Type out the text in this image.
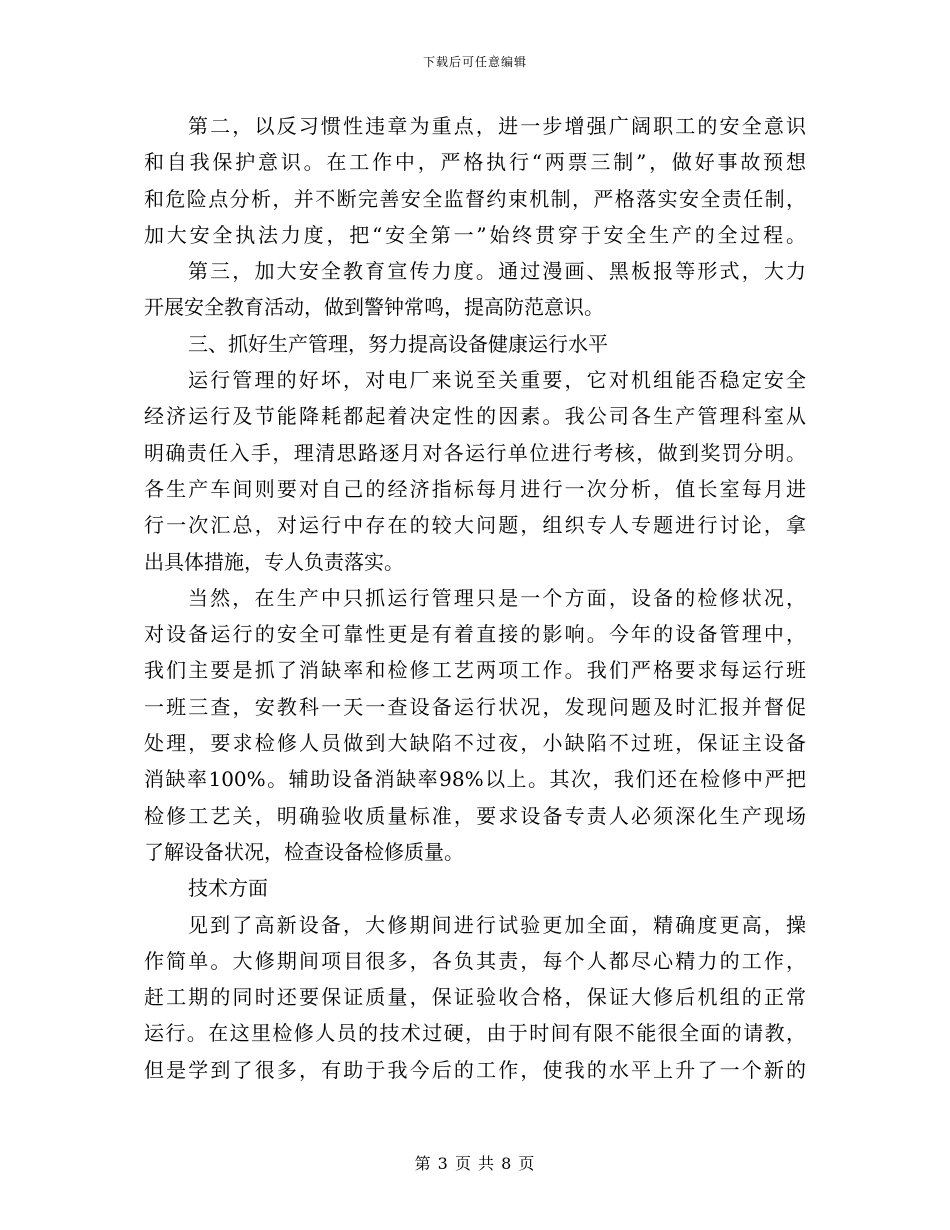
下载后可任意编辑
第二，以反习惯性违章为重点，进一步增强广阔职工的安全意识
和自我保护意识。在工作中，严格执行“两票三制”，做好事故预想
和危险点分析，并不断完善安全监督约束机制，严格落实安全责任制，
加大安全执法力度，把“安全第一”始终贯穿于安全生产的全过程。
第三，加大安全教育宣传力度。通过漫画、黑板报等形式，大力
开展安全教育活动，做到警钟常鸣，提高防范意识。
三、抓好生产管理，努力提高设备健康运行水平
运行管理的好坏，对电厂来说至关重要，它对机组能否稳定安全
经济运行及节能降耗都起着决定性的因素。我公司各生产管理科室从
明确责任入手，理清思路逐月对各运行单位进行考核，做到奖罚分明。
各生产车间则要对自己的经济指标每月进行一次分析，值长室每月进
行一次汇总，对运行中存在的较大问题，组织专人专题进行讨论，拿
出具体措施，专人负责落实。
当然，在生产中只抓运行管理只是一个方面，设备的检修状况，
对设备运行的安全可靠性更是有着直接的影响。今年的设备管理中，
我们主要是抓了消缺率和检修工艺两项工作。我们严格要求每运行班
一班三查，安教科一天一查设备运行状况，发现问题及时汇报并督促
处理，要求检修人员做到大缺陷不过夜，小缺陷不过班，保证主设备
消缺率100%。辅助设备消缺率98%以上。其次，我们还在检修中严把
检修工艺关，明确验收质量标准，要求设备专责人必须深化生产现场
了解设备状况，检查设备检修质量。
技术方面
见到了高新设备，大修期间进行试验更加全面，精确度更高，操
作简单。大修期间项目很多，各负其责，每个人都尽心精力的工作，
赶工期的同时还要保证质量，保证验收合格，保证大修后机组的正常
运行。在这里检修人员的技术过硬，由于时间有限不能很全面的请教，
但是学到了很多，有助于我今后的工作，使我的水平上升了一个新的
第 3 页 共 8 页
